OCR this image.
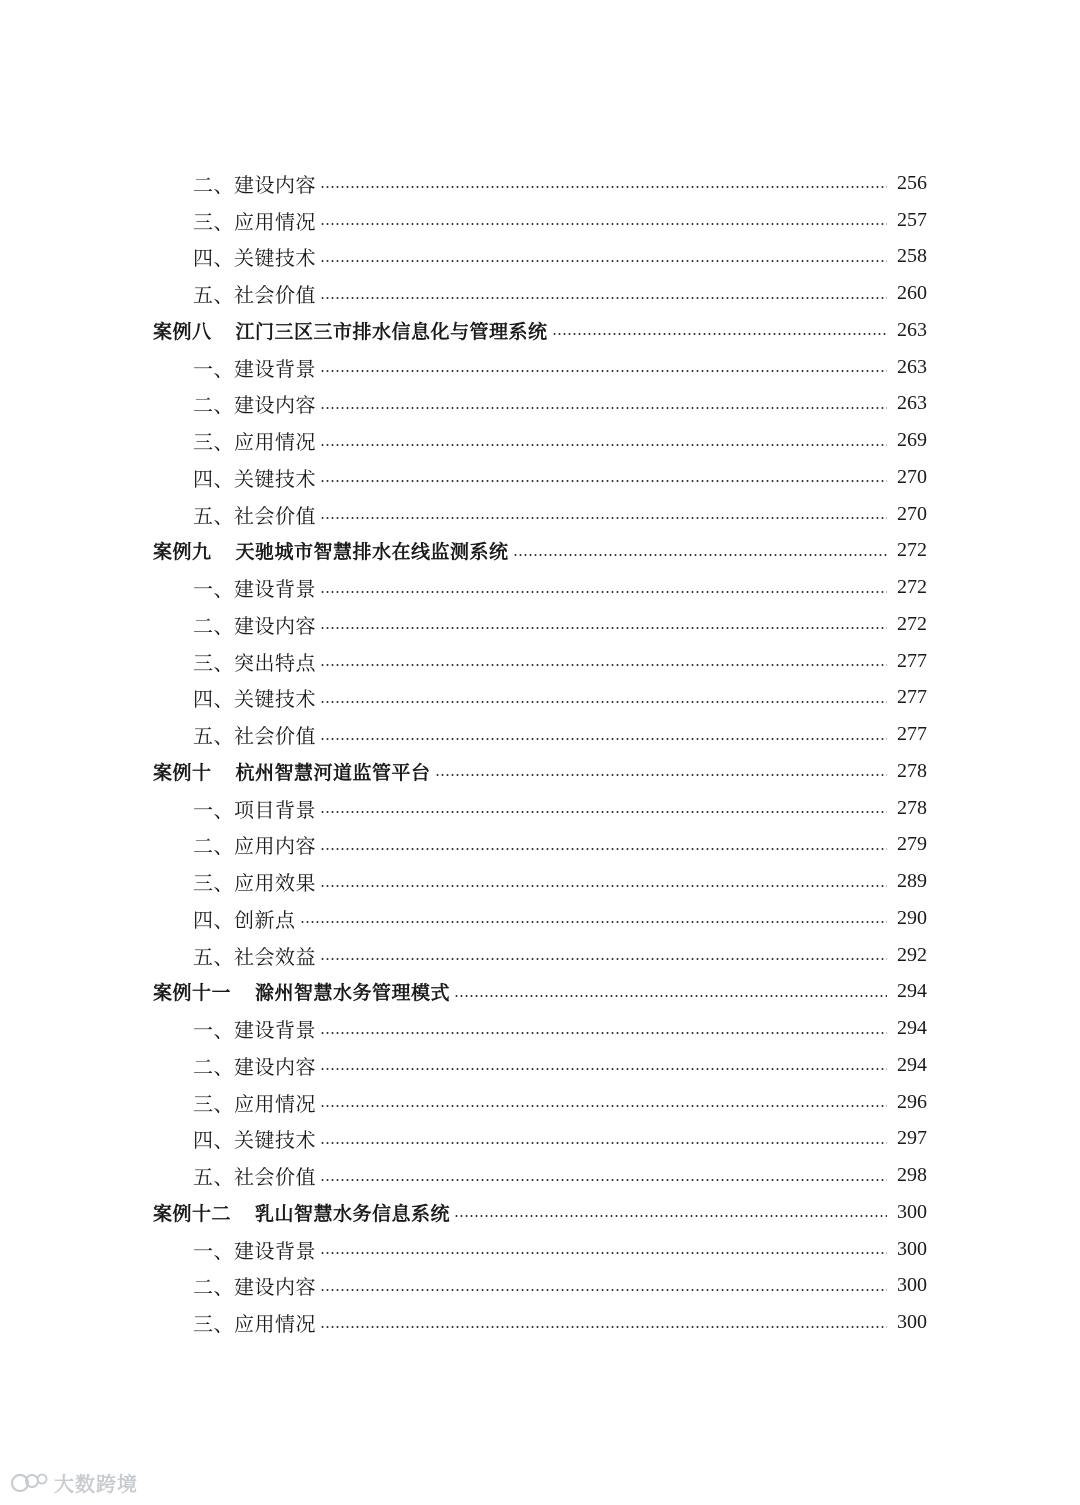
二、建设内容	256
三、应用情况	257
四、关键技术	258
五、社会价值	260
案例八 江门三区三市排水信息化与管理系统	263
一、建设背景	263
二、建设内容	263
三、应用情况	269
四、关键技术	270
五、社会价值	270
案例九 天驰城市智慧排水在线监测系统	272
一、建设背景	272
二、建设内容	272
三、突出特点	277
四、关键技术	277
五、社会价值	277
案例十 杭州智慧河道监管平台	278
一、项目背景	278
二、应用内容	279
三、应用效果	289
四、创新点	290
五、社会效益	292
案例十一 滁州智慧水务管理模式	294
一、建设背景	294
二、建设内容	294
三、应用情况	296
四、关键技术	297
五、社会价值	298
案例十二 乳山智慧水务信息系统	300
一、建设背景	300
二、建设内容	300
三、应用情况	300
大数跨境
